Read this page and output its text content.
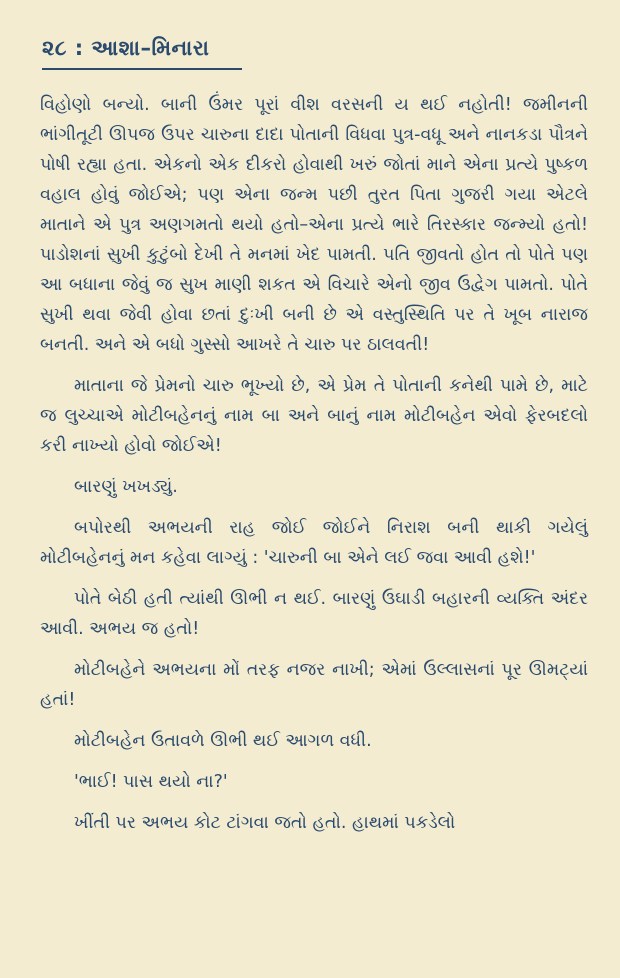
૨૮ : આશા–મિનારા

વિહોણો બન્યો. બાની ઉંમર પૂરાં વીશ વરસની ય થઈ નહોતી! જમીનની ભાંગીતૂટી ઊપજ ઉપર ચારુના દાદા પોતાની વિધવા પુત્ર-વધૂ અને નાનકડા પૌત્રને પોષી રહ્યા હતા. એકનો એક દીકરો હોવાથી ખરું જોતાં માને એના પ્રત્યે પુષ્કળ વહાલ હોવું જોઈએ; પણ એના જન્મ પછી તુરત પિતા ગુજરી ગયા એટલે માતાને એ પુત્ર અણગમતો થયો હતો–એના પ્રત્યે ભારે તિરસ્કાર જન્મ્યો હતો! પાડોશનાં સુખી કુટુંબો દેખી તે મનમાં ખેદ પામતી. પતિ જીવતો હોત તો પોતે પણ આ બધાના જેવું જ સુખ માણી શકત એ વિચારે એનો જીવ ઉદ્વેગ પામતો. પોતે સુખી થવા જેવી હોવા છતાં દુઃખી બની છે એ વસ્તુસ્થિતિ પર તે ખૂબ નારાજ બનતી. અને એ બધો ગુસ્સો આખરે તે ચારુ પર ઠાલવતી!

માતાના જે પ્રેમનો ચારુ ભૂખ્યો છે, એ પ્રેમ તે પોતાની કનેથી પામે છે, માટે જ લુચ્ચાએ મોટીબહેનનું નામ બા અને બાનું નામ મોટીબહેન એવો ફેરબદલો કરી નાખ્યો હોવો જોઈએ!

બારણું ખખડ્યું.

બપોરથી અભયની રાહ જોઈ જોઈને નિરાશ બની થાકી ગયેલું મોટીબહેનનું મન કહેવા લાગ્યું : 'ચારુની બા એને લઈ જવા આવી હશે!'

પોતે બેઠી હતી ત્યાંથી ઊભી ન થઈ. બારણું ઉઘાડી બહારની વ્યક્તિ અંદર આવી. અભય જ હતો!

મોટીબહેને અભયના મોં તરફ નજર નાખી; એમાં ઉલ્લાસનાં પૂર ઊમટ્યાં હતાં!

મોટીબહેન ઉતાવળે ઊભી થઈ આગળ વધી.

'ભાઈ! પાસ થયો ના?'

ખીંતી પર અભય કોટ ટાંગવા જતો હતો. હાથમાં પકડેલો
